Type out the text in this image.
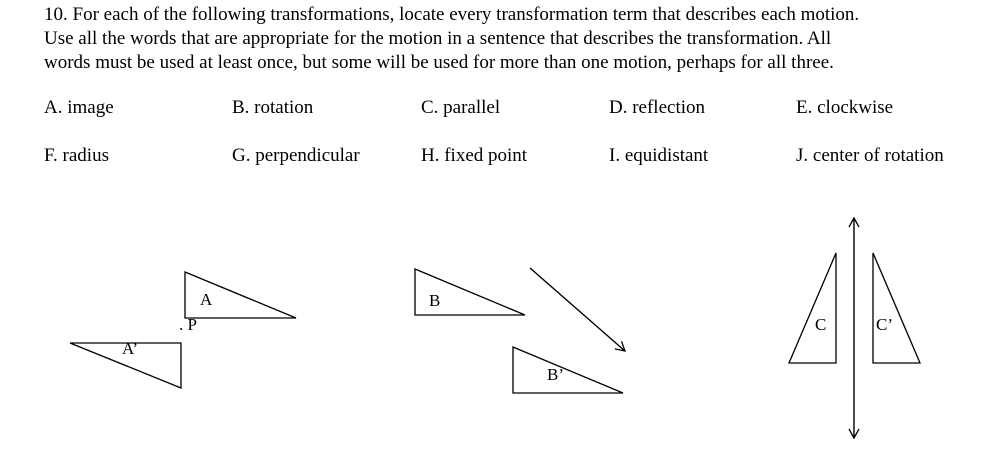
10. For each of the following transformations, locate every transformation term that describes each motion.
Use all the words that are appropriate for the motion in a sentence that describes the transformation. All
words must be used at least once, but some will be used for more than one motion, perhaps for all three.
A. image	B. rotation	C. parallel	D. reflection	E. clockwise
F. radius	G. perpendicular	H. fixed point	I. equidistant	J. center of rotation
A
. P
A’
B
B’
C	C’
